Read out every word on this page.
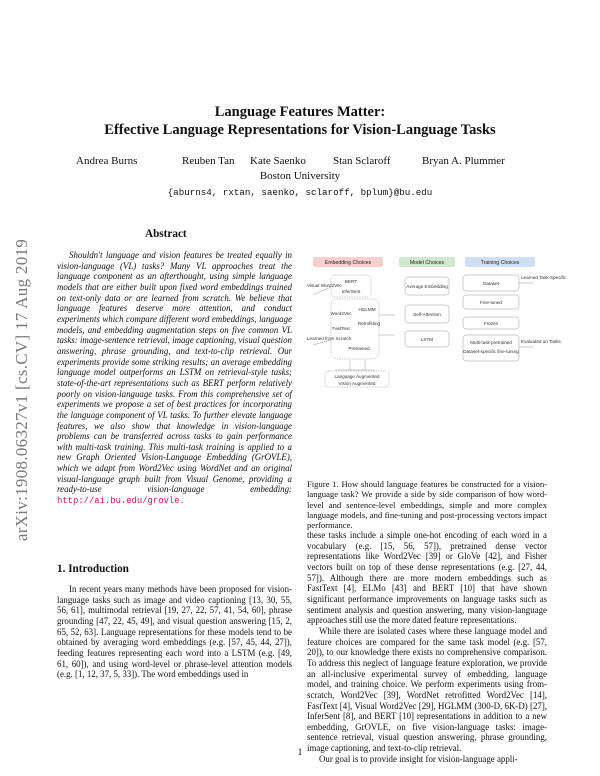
arXiv:1908.06327v1 [cs.CV] 17 Aug 2019
Language Features Matter:
Effective Language Representations for Vision-Language Tasks
Andrea Burns	Reuben Tan Kate Saenko Stan Sclaroff	Bryan A. Plummer
Boston University
{aburns4, rxtan, saenko, sclaroff, bplum}@bu.edu
Abstract

Shouldn't language and vision features be treated equally in vision-language (VL) tasks? Many VL approaches treat the language component as an afterthought, using simple language models that are either built upon fixed word embeddings trained on text-only data or are learned from scratch. We believe that language features deserve more attention, and conduct experiments which compare different word embeddings, language models, and embedding augmentation steps on five common VL tasks: image-sentence retrieval, image captioning, visual question answering, phrase grounding, and text-to-clip retrieval. Our experiments provide some striking results; an average embedding language model outperforms an LSTM on retrieval-style tasks; state-of-the-art representations such as BERT perform relatively poorly on vision-language tasks. From this comprehensive set of experiments we propose a set of best practices for incorporating the language component of VL tasks. To further elevate language features, we also show that knowledge in vision-language problems can be transferred across tasks to gain performance with multi-task training. This multi-task training is applied to a new Graph Oriented Vision-Language Embedding (GrOVLE), which we adapt from Word2Vec using WordNet and an original visual-language graph built from Visual Genome, providing a ready-to-use vision-language embedding: http://ai.bu.edu/grovle.

1. Introduction

In recent years many methods have been proposed for vision-language tasks such as image and video captioning [13, 30, 55, 56, 61], multimodal retrieval [19, 27, 22, 57, 41, 54, 60], phrase grounding [47, 22, 45, 49], and visual question answering [15, 2, 65, 52, 63]. Language representations for these models tend to be obtained by averaging word embeddings (e.g. [57, 45, 44, 27]), feeding features representing each word into a LSTM (e.g. [49, 61, 60]), and using word-level or phrase-level attention models (e.g. [1, 12, 37, 5, 33]). The word embeddings used in

Embedding Choices	Model Choices	Training Choices
BERT
InferSent
Visual Word2Vec
Word2Vec
FastText
HGLMM
Retrofitting
Learned from Scratch
Pretrained
Language Augmented
Vision Augmented
Average Embedding
Self-Attention
LSTM
Dataset
Fine-tuned
Frozen
Multi-task pretrained
Dataset-specific fine-tuning
Learned Task-Specific
Evaluated on Tasks
Figure 1. How should language features be constructed for a vision-language task? We provide a side by side comparison of how word-level and sentence-level embeddings, simple and more complex language models, and fine-tuning and post-processing vectors impact performance.

these tasks include a simple one-hot encoding of each word in a vocabulary (e.g. [15, 56, 57]), pretrained dense vector representations like Word2Vec [39] or GloVe [42], and Fisher vectors built on top of these dense representations (e.g. [27, 44, 57]). Although there are more modern embeddings such as FastText [4], ELMo [43] and BERT [10] that have shown significant performance improvements on language tasks such as sentiment analysis and question answering, many vision-language approaches still use the more dated feature representations.

While there are isolated cases where these language model and feature choices are compared for the same task model (e.g. [57, 20]), to our knowledge there exists no comprehensive comparison. To address this neglect of language feature exploration, we provide an all-inclusive experimental survey of embedding, language model, and training choice. We perform experiments using from-scratch, Word2Vec [39], WordNet retrofitted Word2Vec [14], FastText [4], Visual Word2Vec [29], HGLMM (300-D, 6K-D) [27], InferSent [8], and BERT [10] representations in addition to a new embedding, GrOVLE, on five vision-language tasks: image-sentence retrieval, visual question answering, phrase grounding, image captioning, and text-to-clip retrieval.

Our goal is to provide insight for vision-language appli-

1
